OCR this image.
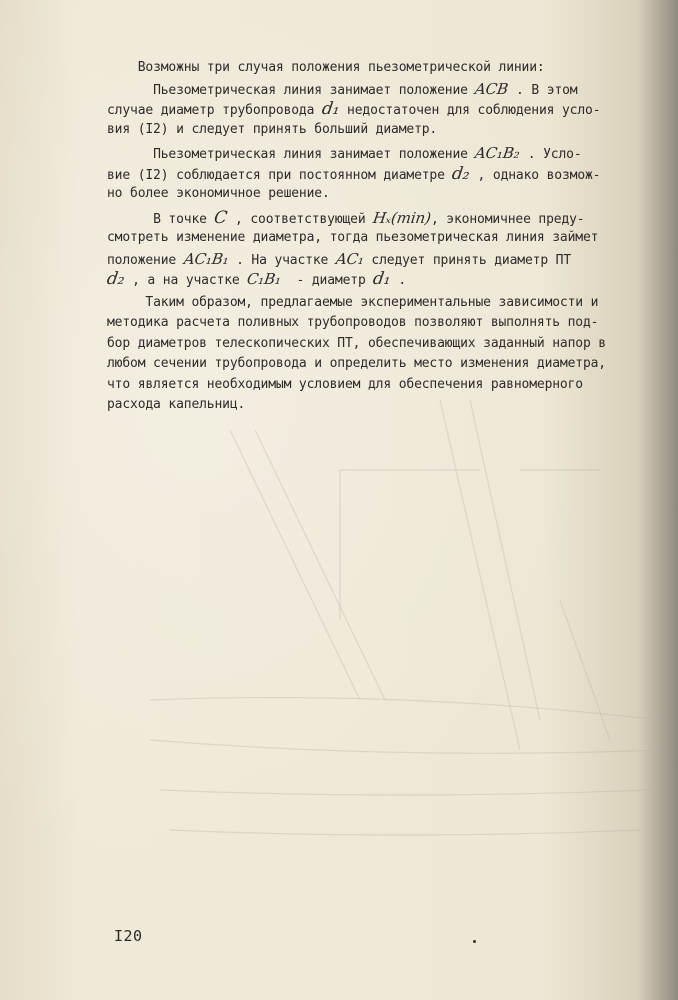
Возможны три случая положения пьезометрической линии:
Пьезометрическая линия занимает положение ACB . В этом
случае диаметр трубопровода d₁ недостаточен для соблюдения усло-
вия (I2) и следует принять больший диаметр.
Пьезометрическая линия занимает положение AC₁B₂ . Усло-
вие (I2) соблюдается при постоянном диаметре d₂ , однако возмож-
но более экономичное решение.
В точке C , соответствующей Hₓ(min), экономичнее преду-
смотреть изменение диаметра, тогда пьезометрическая линия займет
положение AC₁B₁ . На участке AC₁ следует принять диаметр ПТ
d₂ , а на участке C₁B₁  - диаметр d₁ .
Таким образом, предлагаемые экспериментальные зависимости и
методика расчета поливных трубопроводов позволяют выполнять под-
бор диаметров телескопических ПТ, обеспечивающих заданный напор в
любом сечении трубопровода и определить место изменения диаметра,
что является необходимым условием для обеспечения равномерного
расхода капельниц.
I20
